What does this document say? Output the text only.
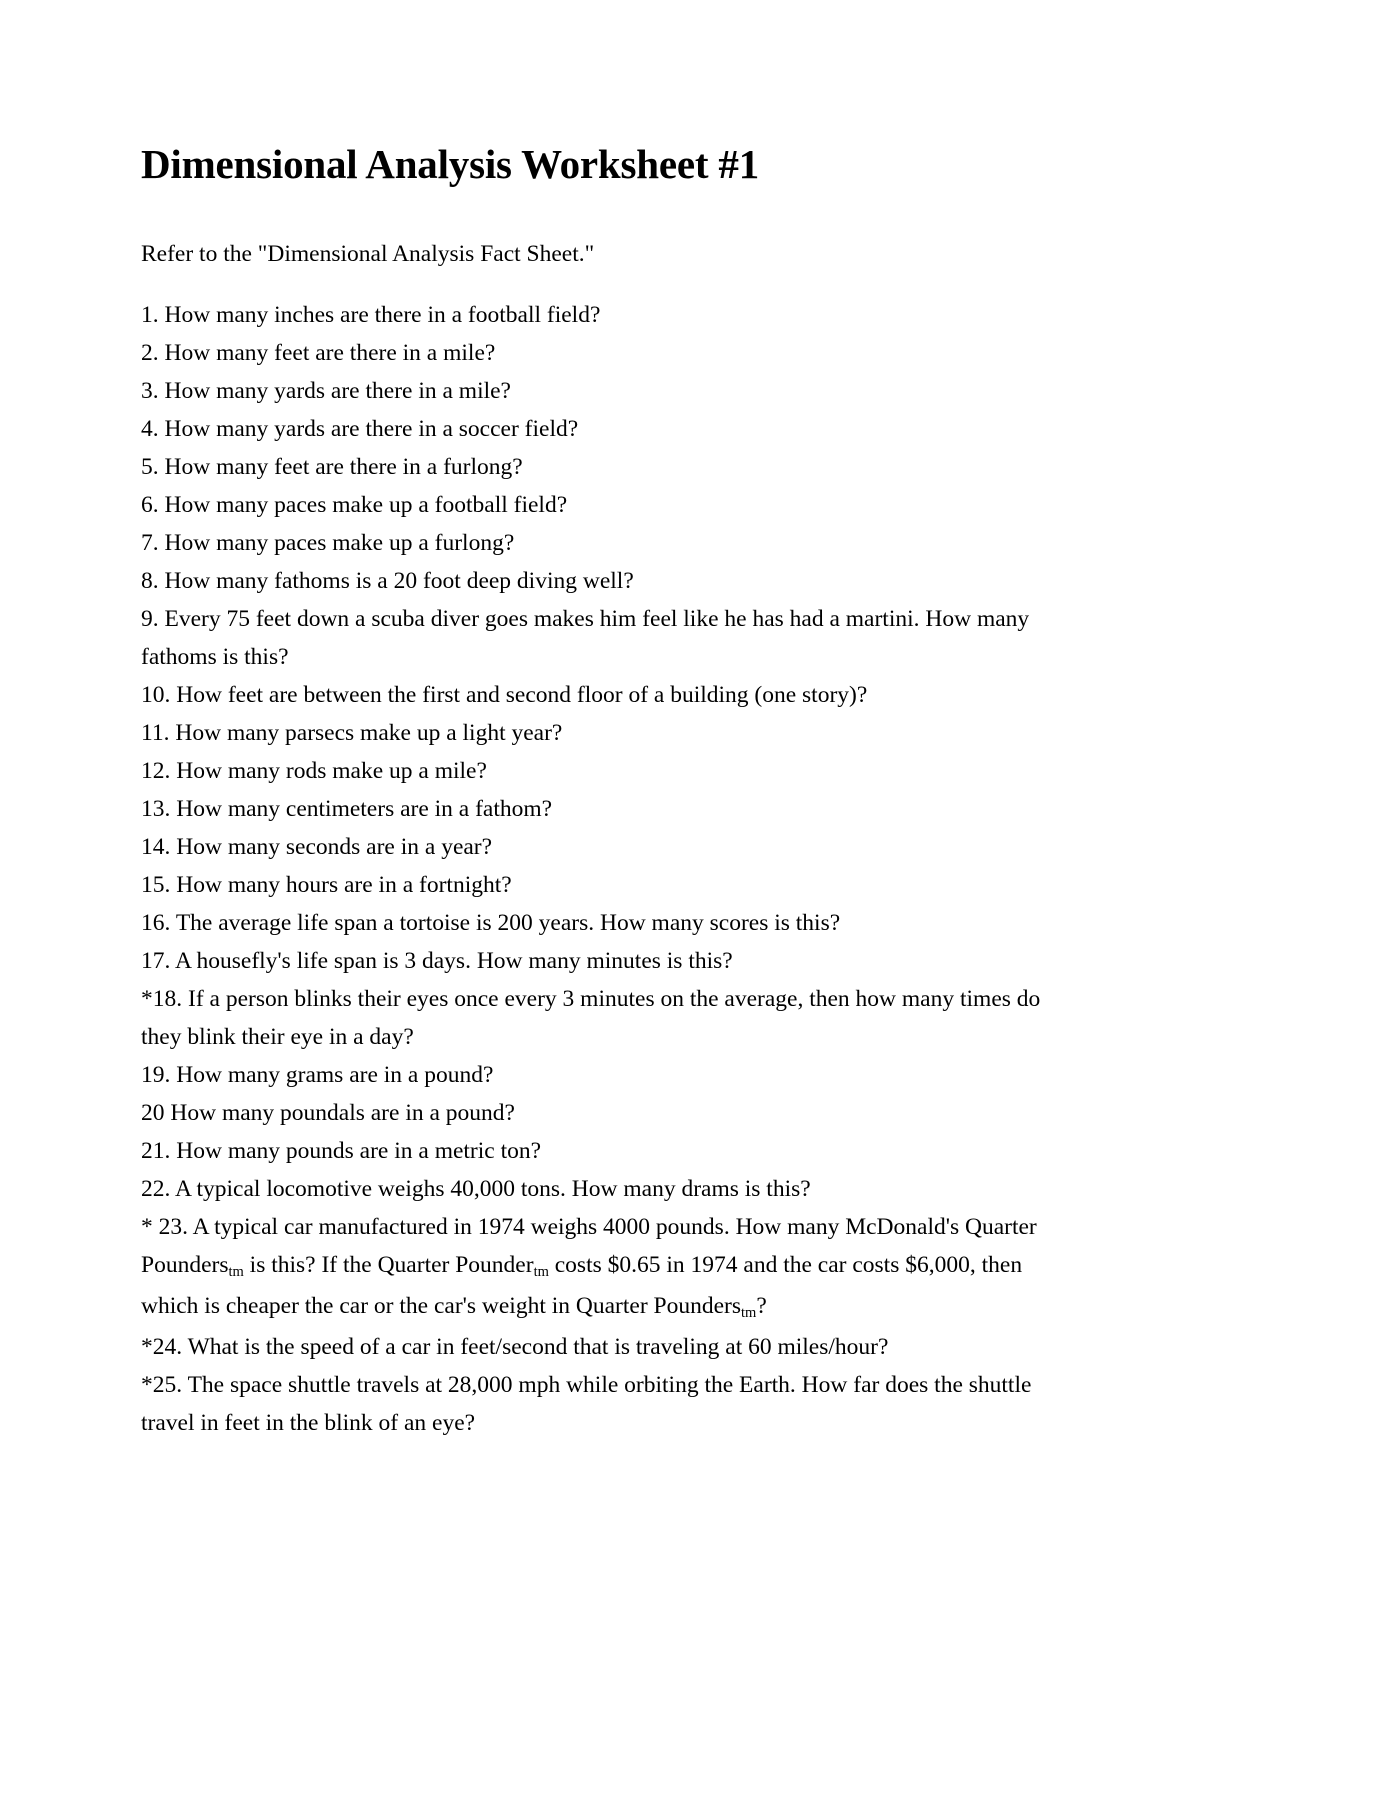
Dimensional Analysis Worksheet #1

Refer to the "Dimensional Analysis Fact Sheet."

1. How many inches are there in a football field?

2. How many feet are there in a mile?

3. How many yards are there in a mile?

4. How many yards are there in a soccer field?

5. How many feet are there in a furlong?

6. How many paces make up a football field?

7. How many paces make up a furlong?

8. How many fathoms is a 20 foot deep diving well?

9. Every 75 feet down a scuba diver goes makes him feel like he has had a martini. How many fathoms is this?

10. How feet are between the first and second floor of a building (one story)?

11. How many parsecs make up a light year?

12. How many rods make up a mile?

13. How many centimeters are in a fathom?

14. How many seconds are in a year?

15. How many hours are in a fortnight?

16. The average life span a tortoise is 200 years. How many scores is this?

17. A housefly's life span is 3 days. How many minutes is this?

*18. If a person blinks their eyes once every 3 minutes on the average, then how many times do they blink their eye in a day?

19. How many grams are in a pound?

20 How many poundals are in a pound?

21. How many pounds are in a metric ton?

22. A typical locomotive weighs 40,000 tons. How many drams is this?

* 23. A typical car manufactured in 1974 weighs 4000 pounds. How many McDonald's Quarter Pounders$_{tm}$ is this? If the Quarter Pounder$_{tm}$ costs $0.65 in 1974 and the car costs $6,000, then which is cheaper the car or the car's weight in Quarter Pounders$_{tm}$?

*24. What is the speed of a car in feet/second that is traveling at 60 miles/hour?

*25. The space shuttle travels at 28,000 mph while orbiting the Earth. How far does the shuttle travel in feet in the blink of an eye?
